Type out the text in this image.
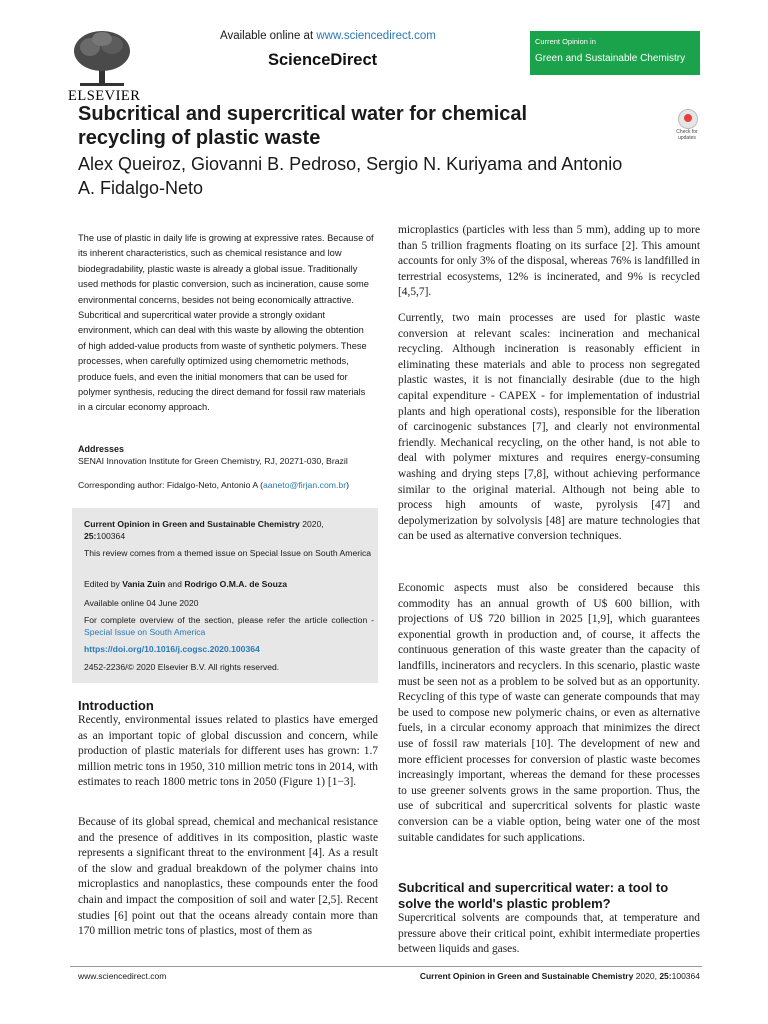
ELSEVIER
Available online at www.sciencedirect.com
ScienceDirect
Current Opinion in
Green and Sustainable Chemistry
Check for updates
Subcritical and supercritical water for chemical recycling of plastic waste
Alex Queiroz, Giovanni B. Pedroso, Sergio N. Kuriyama and Antonio A. Fidalgo-Neto
The use of plastic in daily life is growing at expressive rates. Because of its inherent characteristics, such as chemical resistance and low biodegradability, plastic waste is already a global issue. Traditionally used methods for plastic conversion, such as incineration, cause some environmental concerns, besides not being economically attractive. Subcritical and supercritical water provide a strongly oxidant environment, which can deal with this waste by allowing the obtention of high added-value products from waste of synthetic polymers. These processes, when carefully optimized using chemometric methods, produce fuels, and even the initial monomers that can be used for polymer synthesis, reducing the direct demand for fossil raw materials in a circular economy approach.
Addresses
SENAI Innovation Institute for Green Chemistry, RJ, 20271-030, Brazil
Corresponding author: Fidalgo-Neto, Antonio A (aaneto@firjan.com.br)
Current Opinion in Green and Sustainable Chemistry 2020,
25:100364
This review comes from a themed issue on Special Issue on South America
Edited by Vania Zuin and Rodrigo O.M.A. de Souza
Available online 04 June 2020
For complete overview of the section, please refer the article collection - Special Issue on South America
https://doi.org/10.1016/j.cogsc.2020.100364
2452-2236/© 2020 Elsevier B.V. All rights reserved.
Introduction
Recently, environmental issues related to plastics have emerged as an important topic of global discussion and concern, while production of plastic materials for different uses has grown: 1.7 million metric tons in 1950, 310 million metric tons in 2014, with estimates to reach 1800 metric tons in 2050 (Figure 1) [1−3].
Because of its global spread, chemical and mechanical resistance and the presence of additives in its composition, plastic waste represents a significant threat to the environment [4]. As a result of the slow and gradual breakdown of the polymer chains into microplastics and nanoplastics, these compounds enter the food chain and impact the composition of soil and water [2,5]. Recent studies [6] point out that the oceans already contain more than 170 million metric tons of plastics, most of them as
microplastics (particles with less than 5 mm), adding up to more than 5 trillion fragments floating on its surface [2]. This amount accounts for only 3% of the disposal, whereas 76% is landfilled in terrestrial ecosystems, 12% is incinerated, and 9% is recycled [4,5,7].
Currently, two main processes are used for plastic waste conversion at relevant scales: incineration and mechanical recycling. Although incineration is reasonably efficient in eliminating these materials and able to process non segregated plastic wastes, it is not financially desirable (due to the high capital expenditure - CAPEX - for implementation of industrial plants and high operational costs), responsible for the liberation of carcinogenic substances [7], and clearly not environmental friendly. Mechanical recycling, on the other hand, is not able to deal with polymer mixtures and requires energy-consuming washing and drying steps [7,8], without achieving performance similar to the original material. Although not being able to process high amounts of waste, pyrolysis [47] and depolymerization by solvolysis [48] are mature technologies that can be used as alternative conversion techniques.
Economic aspects must also be considered because this commodity has an annual growth of U$ 600 billion, with projections of U$ 720 billion in 2025 [1,9], which guarantees exponential growth in production and, of course, it affects the continuous generation of this waste greater than the capacity of landfills, incinerators and recyclers. In this scenario, plastic waste must be seen not as a problem to be solved but as an opportunity. Recycling of this type of waste can generate compounds that may be used to compose new polymeric chains, or even as alternative fuels, in a circular economy approach that minimizes the direct use of fossil raw materials [10]. The development of new and more efficient processes for conversion of plastic waste becomes increasingly important, whereas the demand for these processes to use greener solvents grows in the same proportion. Thus, the use of subcritical and supercritical solvents for plastic waste conversion can be a viable option, being water one of the most suitable candidates for such applications.
Subcritical and supercritical water: a tool to solve the world's plastic problem?
Supercritical solvents are compounds that, at temperature and pressure above their critical point, exhibit intermediate properties between liquids and gases.
www.sciencedirect.com	Current Opinion in Green and Sustainable Chemistry 2020, 25:100364
